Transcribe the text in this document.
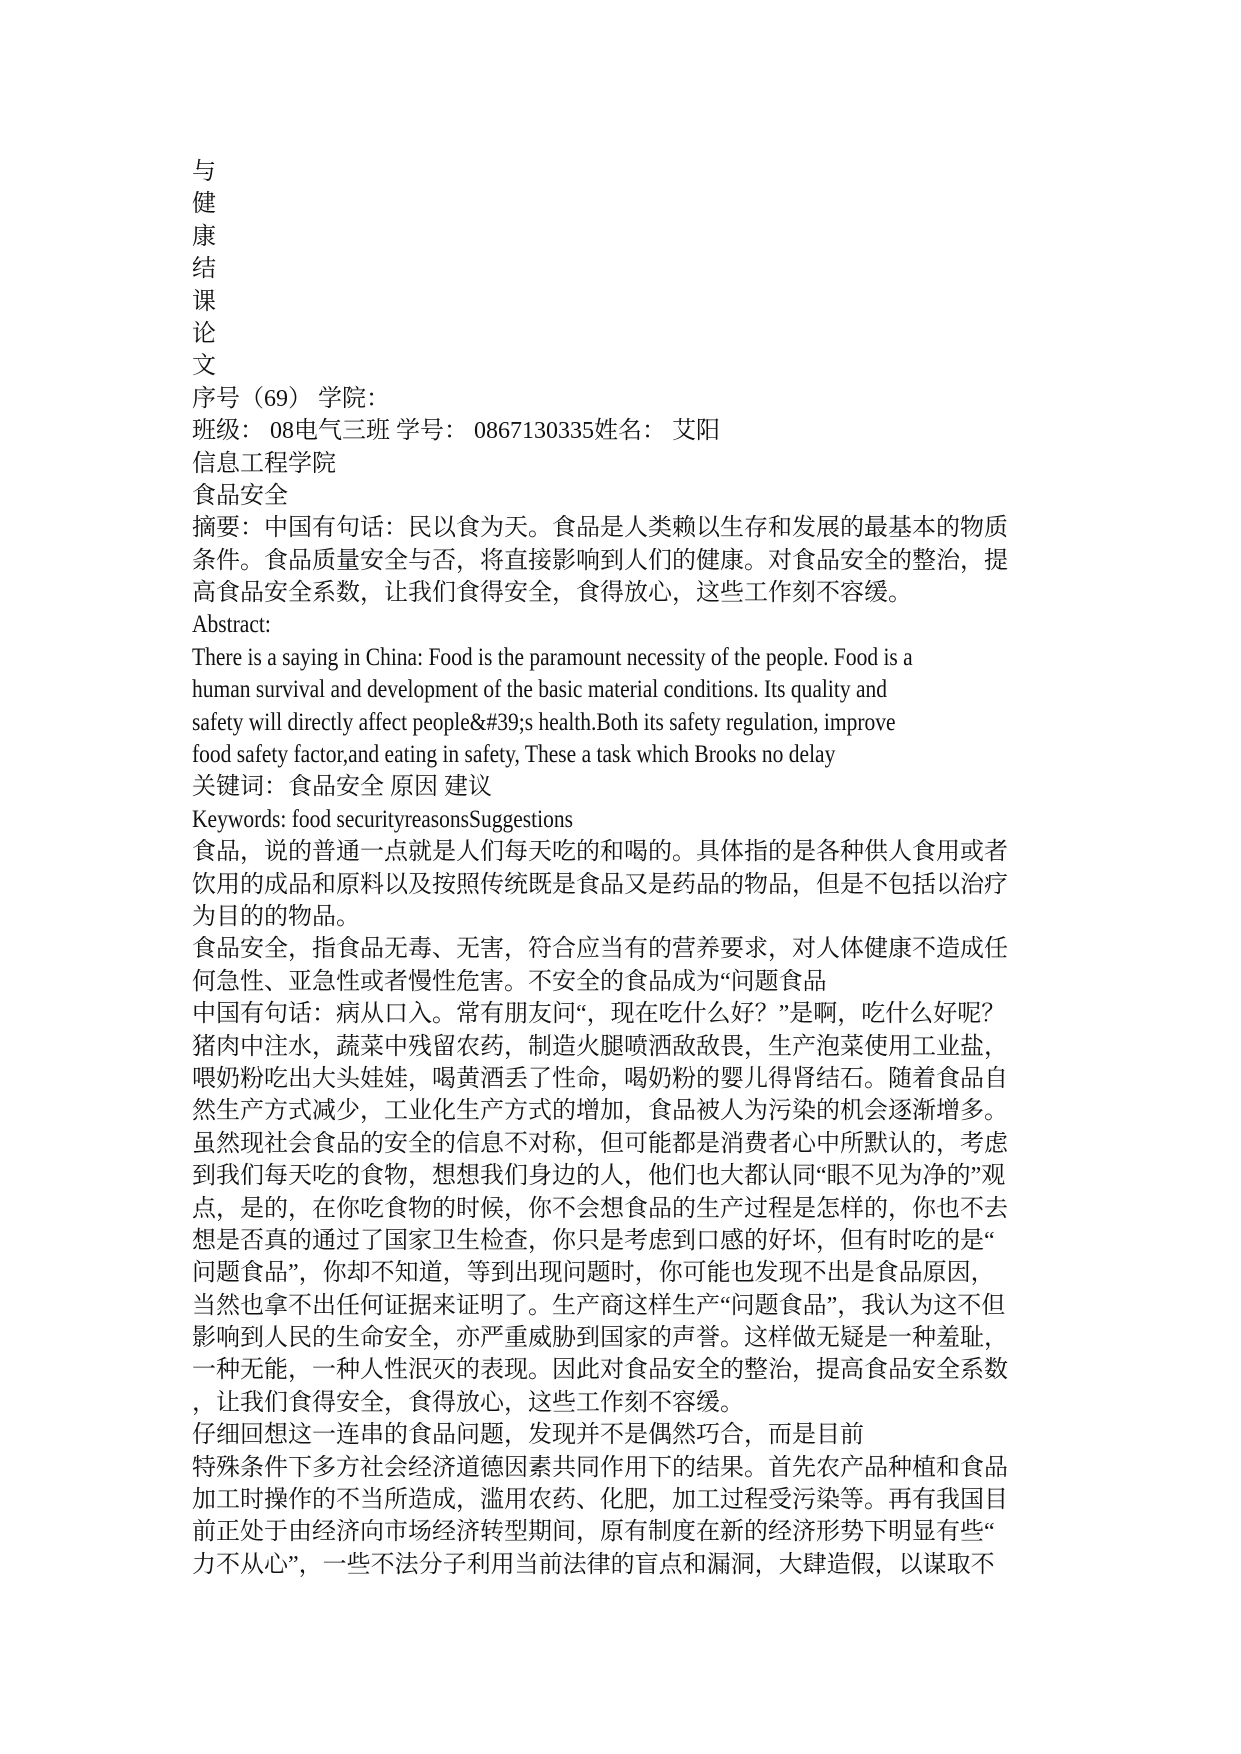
与
健
康
结
课
论
文
序号（69） 学院：
班级： 08电气三班 学号： 0867130335姓名： 艾阳
信息工程学院
食品安全
摘要：中国有句话：民以食为天。食品是人类赖以生存和发展的最基本的物质
条件。食品质量安全与否，将直接影响到人们的健康。对食品安全的整治，提
高食品安全系数，让我们食得安全，食得放心，这些工作刻不容缓。
Abstract:
There is a saying in China: Food is the paramount necessity of the people. Food is a
human survival and development of the basic material conditions. Its quality and
safety will directly affect people&#39;s health.Both its safety regulation, improve
food safety factor,and eating in safety, These a task which Brooks no delay
关键词：食品安全 原因 建议
Keywords: food securityreasonsSuggestions
食品，说的普通一点就是人们每天吃的和喝的。具体指的是各种供人食用或者
饮用的成品和原料以及按照传统既是食品又是药品的物品，但是不包括以治疗
为目的的物品。
食品安全，指食品无毒、无害，符合应当有的营养要求，对人体健康不造成任
何急性、亚急性或者慢性危害。不安全的食品成为“问题食品
中国有句话：病从口入。常有朋友问“，现在吃什么好？”是啊，吃什么好呢？
猪肉中注水，蔬菜中残留农药，制造火腿喷洒敌敌畏，生产泡菜使用工业盐，
喂奶粉吃出大头娃娃，喝黄酒丢了性命，喝奶粉的婴儿得肾结石。随着食品自
然生产方式减少，工业化生产方式的增加，食品被人为污染的机会逐渐增多。
虽然现社会食品的安全的信息不对称，但可能都是消费者心中所默认的，考虑
到我们每天吃的食物，想想我们身边的人，他们也大都认同“眼不见为净的”观
点，是的，在你吃食物的时候，你不会想食品的生产过程是怎样的，你也不去
想是否真的通过了国家卫生检查，你只是考虑到口感的好坏，但有时吃的是“
问题食品”，你却不知道，等到出现问题时，你可能也发现不出是食品原因，
当然也拿不出任何证据来证明了。生产商这样生产“问题食品”，我认为这不但
影响到人民的生命安全，亦严重威胁到国家的声誉。这样做无疑是一种羞耻，
一种无能，一种人性泯灭的表现。因此对食品安全的整治，提高食品安全系数
，让我们食得安全，食得放心，这些工作刻不容缓。
仔细回想这一连串的食品问题，发现并不是偶然巧合，而是目前
特殊条件下多方社会经济道德因素共同作用下的结果。首先农产品种植和食品
加工时操作的不当所造成，滥用农药、化肥，加工过程受污染等。再有我国目
前正处于由经济向市场经济转型期间，原有制度在新的经济形势下明显有些“
力不从心”，一些不法分子利用当前法律的盲点和漏洞，大肆造假，以谋取不
